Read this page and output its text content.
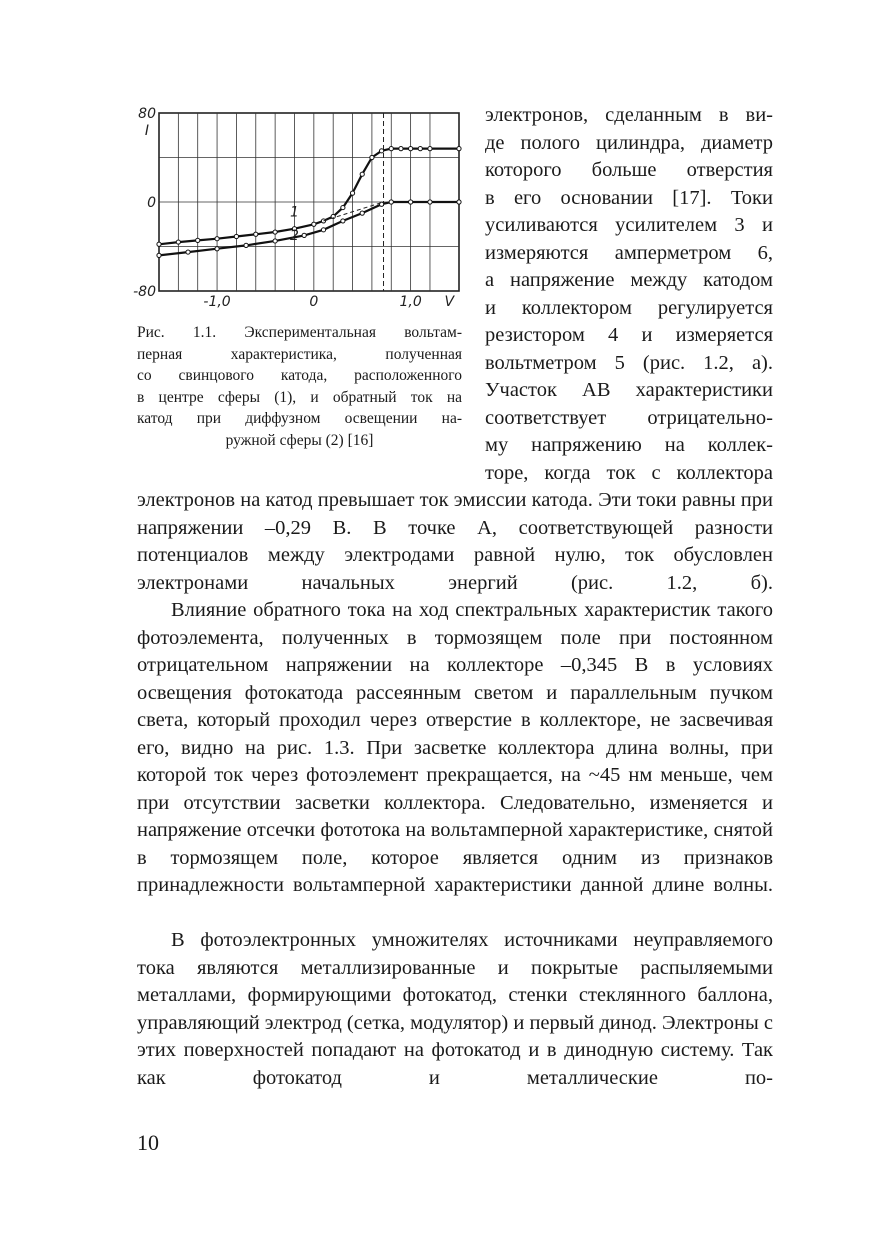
80
0
-80
I
-1,0	0	1,0 V
1
2
Рис. 1.1. Экспериментальная вольтам-
перная характеристика, полученная
со свинцового катода, расположенного
в центре сферы (1), и обратный ток на
катод при диффузном освещении на-
ружной сферы (2) [16]
электронов, сделанным в ви-
де полого цилиндра, диаметр
которого больше отверстия
в его основании [17]. Токи
усиливаются усилителем 3 и
измеряются амперметром 6,
а напряжение между катодом
и коллектором регулируется
резистором 4 и измеряется
вольтметром 5 (рис. 1.2, а).
Участок AB характеристики
соответствует отрицательно-
му напряжению на коллек-
торе, когда ток с коллектора

электронов на катод превышает ток эмиссии катода. Эти токи равны при напряжении –0,29 В. В точке А, соответствующей разности потенциалов между электродами равной нулю, ток обусловлен электронами начальных энергий (рис. 1.2, б).

Влияние обратного тока на ход спектральных характеристик такого фотоэлемента, полученных в тормозящем поле при постоянном отрицательном напряжении на коллекторе –0,345 В в условиях освещения фотокатода рассеянным светом и параллельным пучком света, который проходил через отверстие в коллекторе, не засвечивая его, видно на рис. 1.3. При засветке коллектора длина волны, при которой ток через фотоэлемент прекращается, на ~45 нм меньше, чем при отсутствии засветки коллектора. Следовательно, изменяется и напряжение отсечки фототока на вольтамперной характеристике, снятой в тормозящем поле, которое является одним из признаков принадлежности вольтамперной характеристики данной длине волны.

В фотоэлектронных умножителях источниками неуправляемого тока являются металлизированные и покрытые распыляемыми металлами, формирующими фотокатод, стенки стеклянного баллона, управляющий электрод (сетка, модулятор) и первый динод. Электроны с этих поверхностей попадают на фотокатод и в динодную систему. Так как фотокатод и металлические по-

10
